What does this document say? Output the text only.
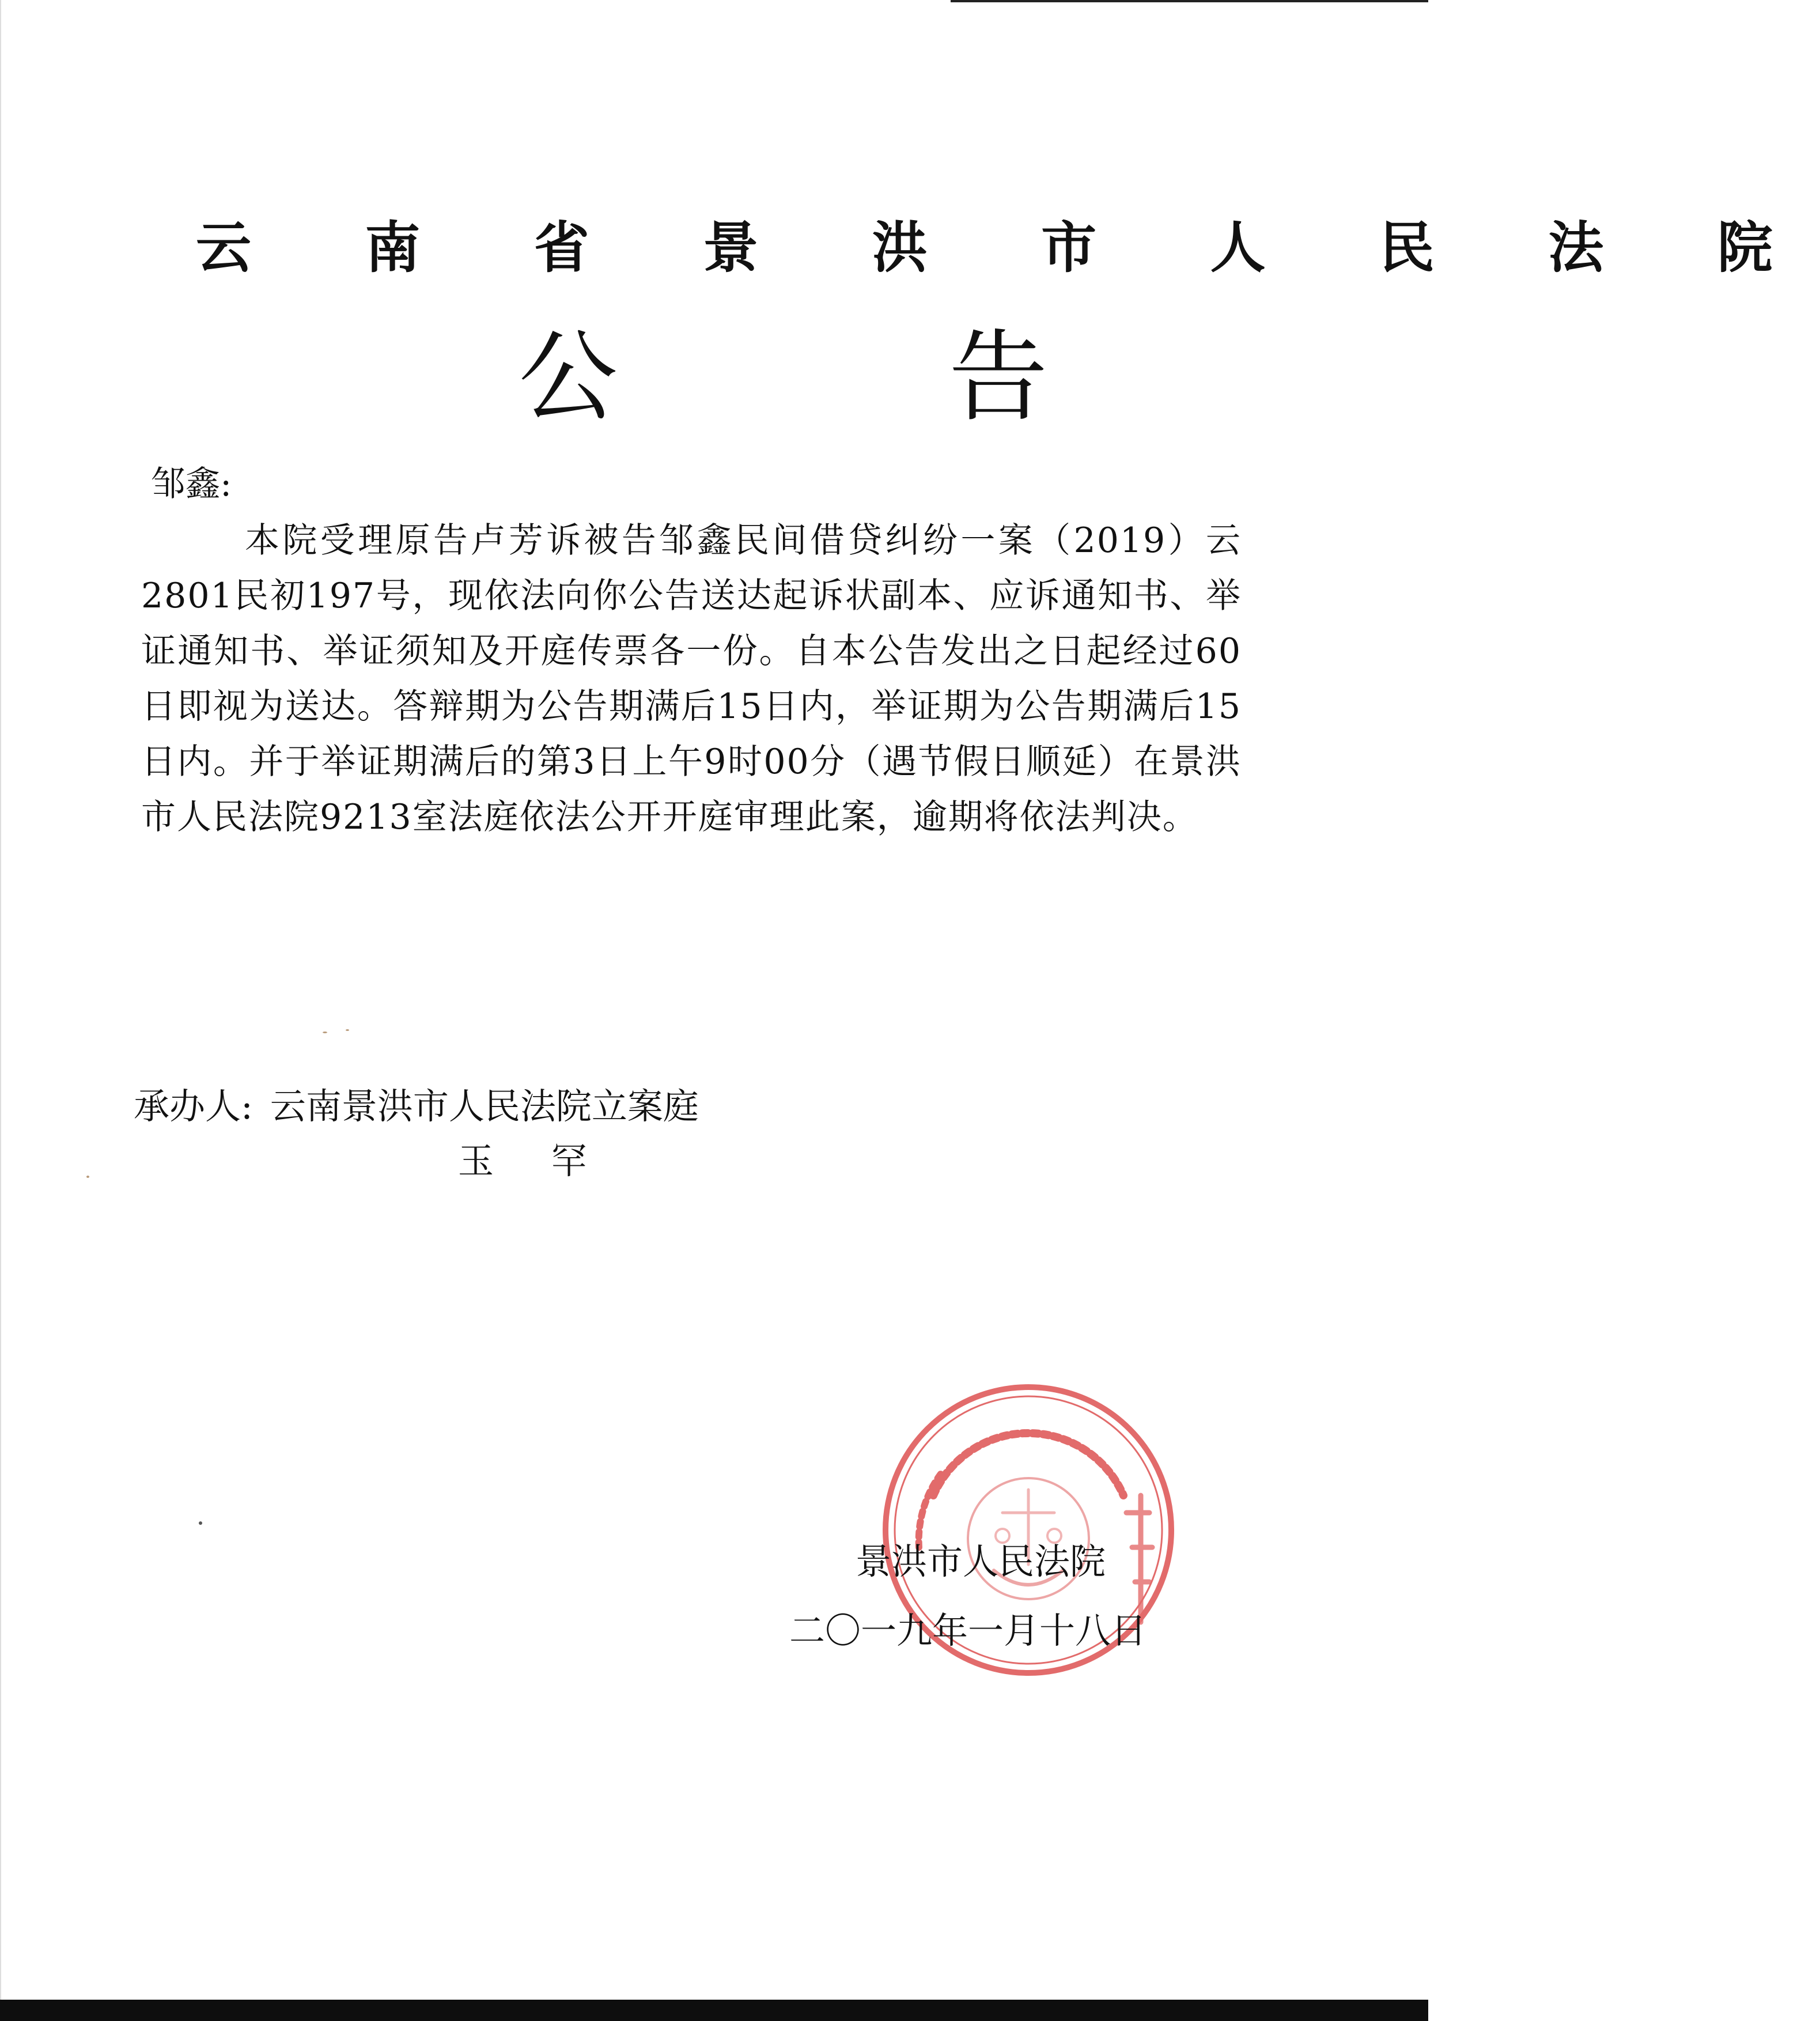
云 南 省 景 洪 市 人 民 法 院
公 告
邹鑫:
本院受理原告卢芳诉被告邹鑫民间借贷纠纷一案（2019）云2801民初197号，现依法向你公告送达起诉状副本、应诉通知书、举证通知书、举证须知及开庭传票各一份。自本公告发出之日起经过60日即视为送达。答辩期为公告期满后15日内，举证期为公告期满后15日内。并于举证期满后的第3日上午9时00分（遇节假日顺延）在景洪市人民法院9213室法庭依法公开开庭审理此案，逾期将依法判决。
承办人: 云南景洪市人民法院立案庭
玉 罕
景洪市人民法院
二〇一九年一月十八日
